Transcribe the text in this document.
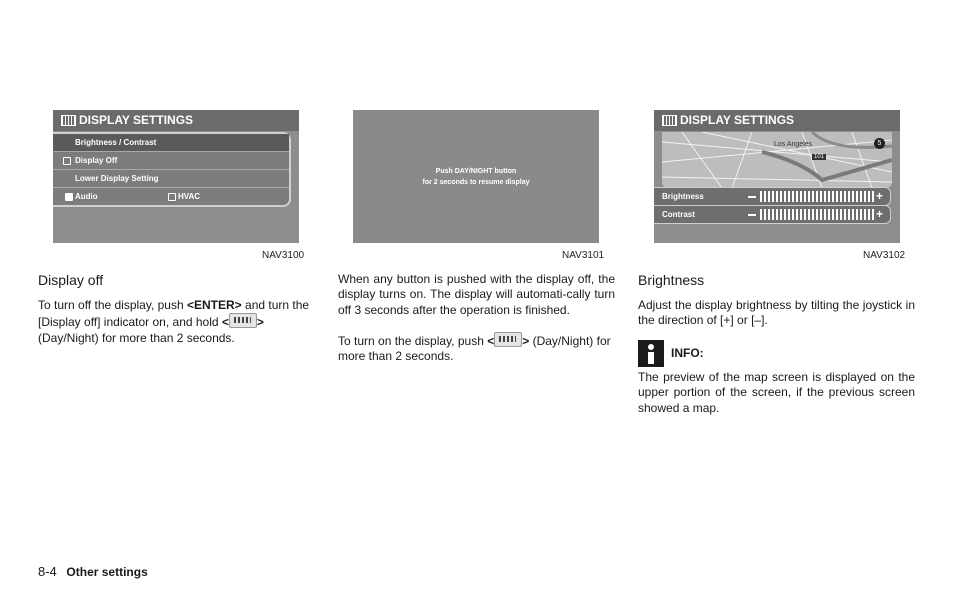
DISPLAY SETTINGS
Brightness / Contrast
Display Off
Lower Display Setting
Audio	HVAC
NAV3100
Push DAY/NIGHT button
for 2 seconds to resume display
NAV3101
DISPLAY SETTINGS
Los Angeles
101
5
Brightness	+
Contrast	+
NAV3102
Display off

To turn off the display, push <ENTER> and turn the [Display off] indicator on, and hold < > (Day/Night) for more than 2 seconds.

When any button is pushed with the display off, the display turns on. The display will automati-cally turn off 3 seconds after the operation is finished.

To turn on the display, push < > (Day/Night) for more than 2 seconds.

Brightness

Adjust the display brightness by tilting the joystick in the direction of [+] or [–].

INFO:

The preview of the map screen is displayed on the upper portion of the screen, if the previous screen showed a map.

8-4 Other settings
